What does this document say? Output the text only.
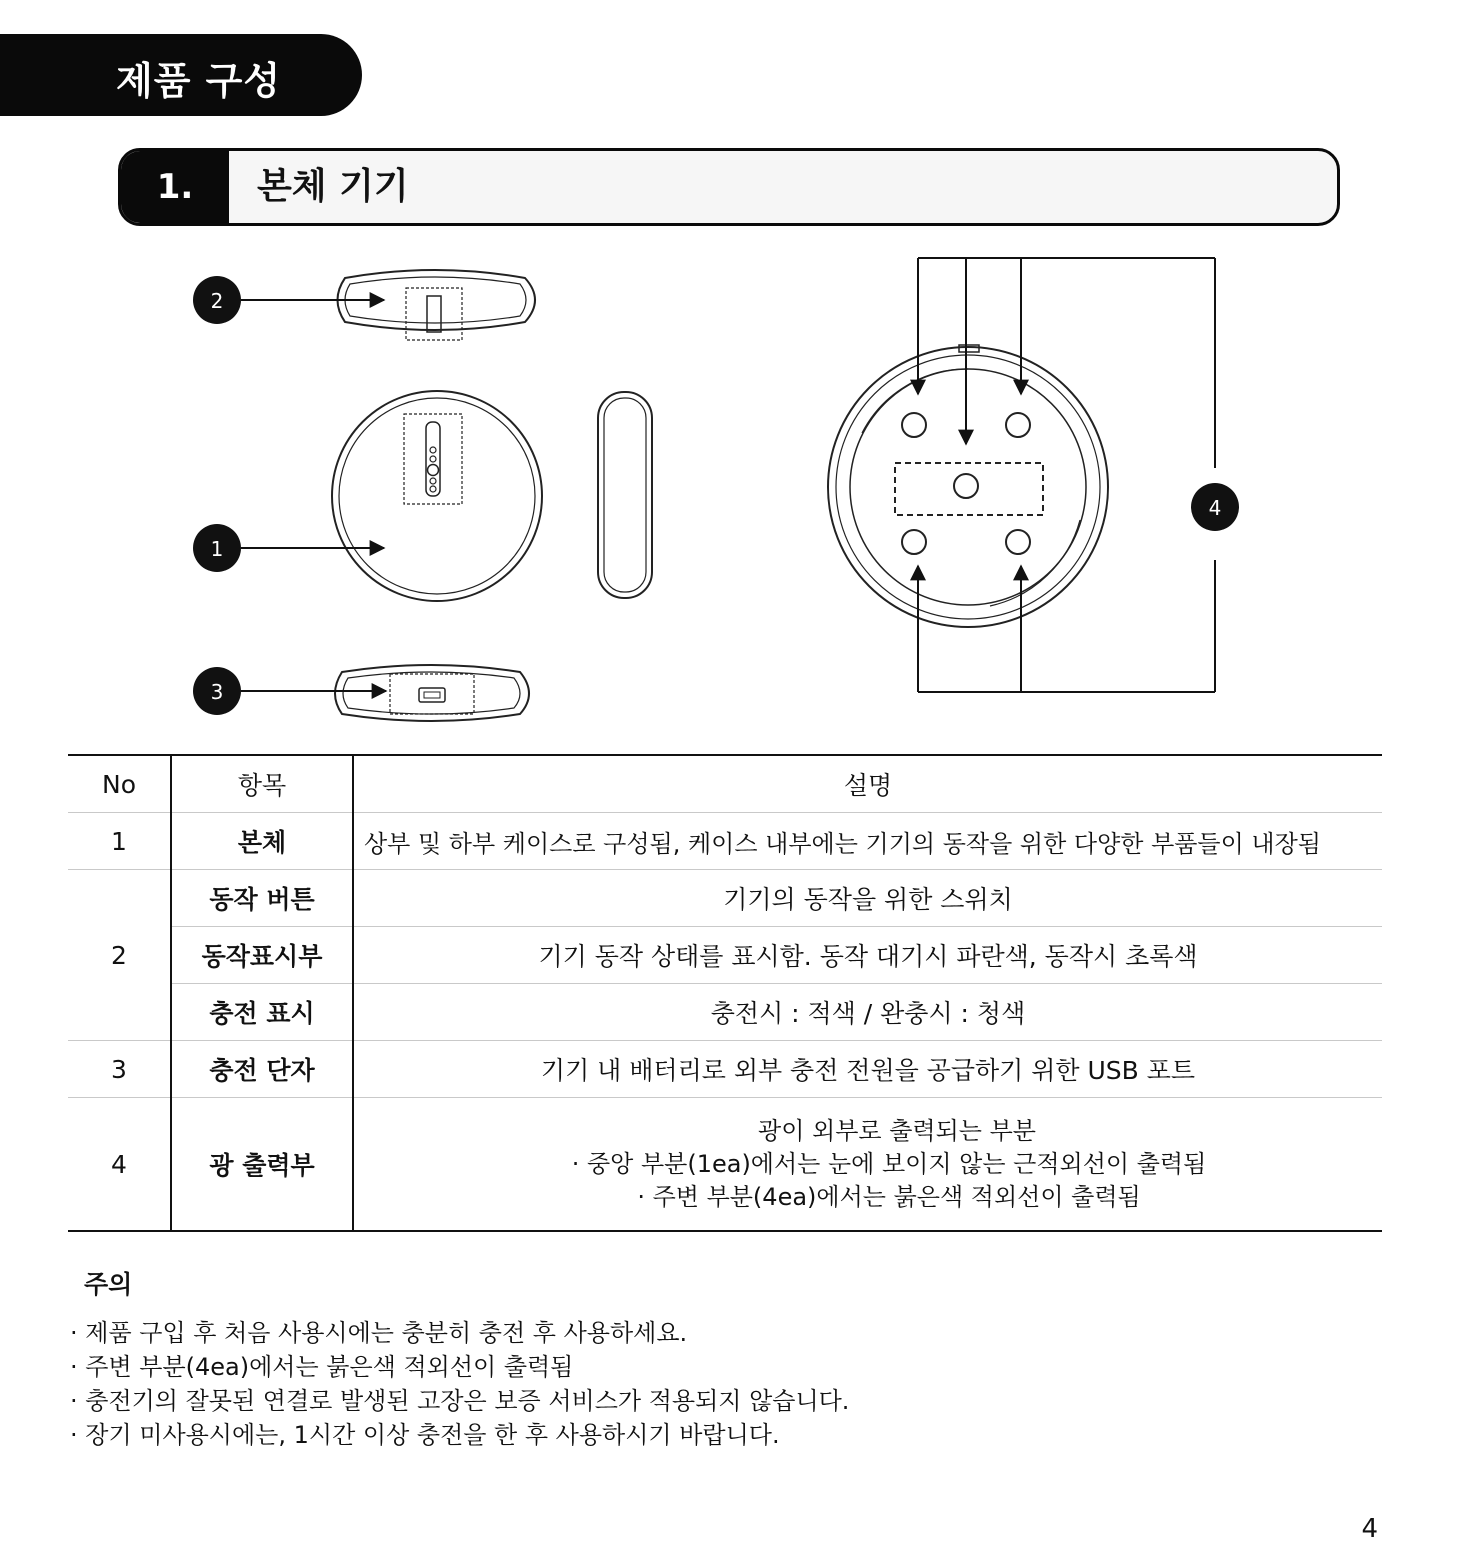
제품 구성
1.	본체 기기
2
1
3
4
No	항목	설명
1	본체	상부 및 하부 케이스로 구성됨, 케이스 내부에는 기기의 동작을 위한 다양한 부품들이 내장됨
2	동작 버튼	기기의 동작을 위한 스위치
	동작표시부	기기 동작 상태를 표시함. 동작 대기시 파란색, 동작시 초록색
	충전 표시	충전시 : 적색 / 완충시 : 청색
3	충전 단자	기기 내 배터리로 외부 충전 전원을 공급하기 위한 USB 포트
4	광 출력부	광이 외부로 출력되는 부분
· 중앙 부분(1ea)에서는 눈에 보이지 않는 근적외선이 출력됨
· 주변 부분(4ea)에서는 붉은색 적외선이 출력됨
주의
· 제품 구입 후 처음 사용시에는 충분히 충전 후 사용하세요.
· 주변 부분(4ea)에서는 붉은색 적외선이 출력됨
· 충전기의 잘못된 연결로 발생된 고장은 보증 서비스가 적용되지 않습니다.
· 장기 미사용시에는, 1시간 이상 충전을 한 후 사용하시기 바랍니다.
4
